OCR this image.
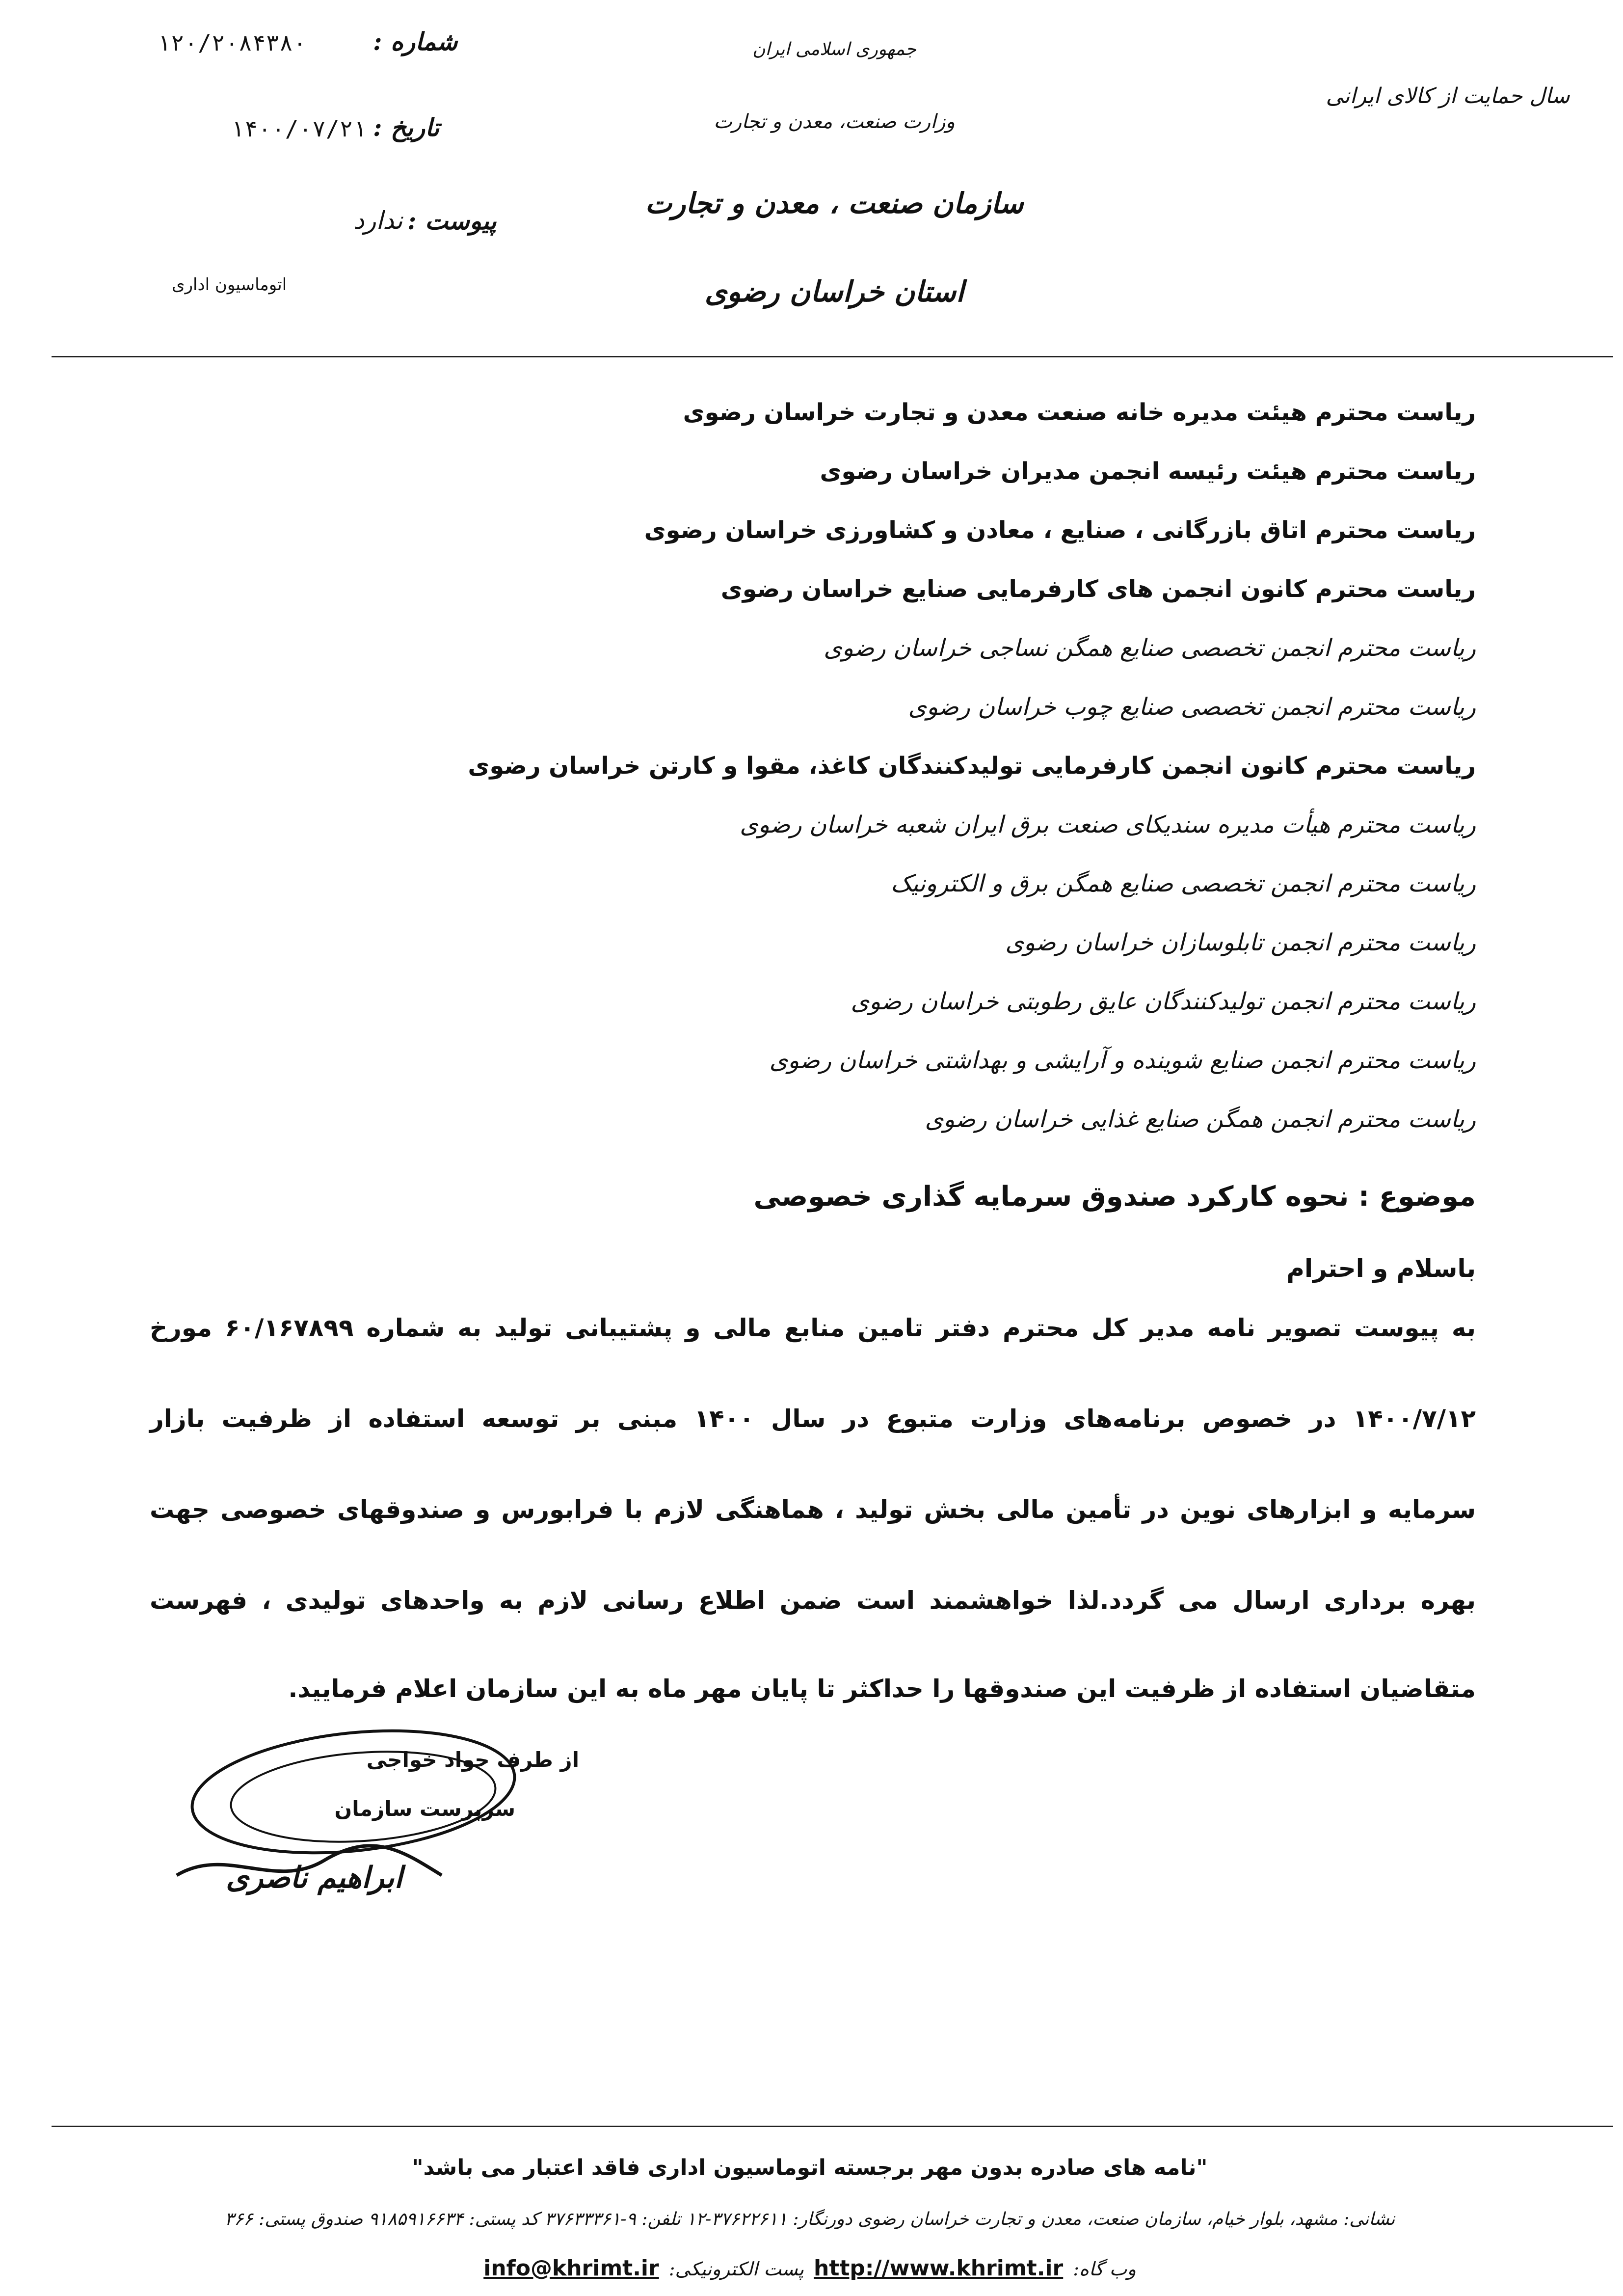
شماره :
۱۲۰/۲۰۸۴۳۸۰
تاریخ :
۱۴۰۰/۰۷/۲۱
پیوست :
ندارد
اتوماسیون اداری
جمهوری اسلامی ایران
وزارت صنعت، معدن و تجارت
سازمان صنعت ، معدن و تجارت
استان خراسان رضوی
سال حمایت از کالای ایرانی
ریاست محترم هیئت مدیره خانه صنعت معدن و تجارت خراسان رضوی
ریاست محترم هیئت رئیسه انجمن مدیران خراسان رضوی
ریاست محترم اتاق بازرگانی ، صنایع ، معادن و کشاورزی خراسان رضوی
ریاست محترم کانون انجمن های کارفرمایی صنایع خراسان رضوی
ریاست محترم انجمن تخصصی صنایع همگن نساجی خراسان رضوی
ریاست محترم انجمن تخصصی صنایع چوب خراسان رضوی
ریاست محترم کانون انجمن کارفرمایی تولیدکنندگان کاغذ، مقوا و کارتن خراسان رضوی
ریاست محترم هیأت مدیره سندیکای صنعت برق ایران شعبه خراسان رضوی
ریاست محترم انجمن تخصصی صنایع همگن برق و الکترونیک
ریاست محترم انجمن تابلوسازان خراسان رضوی
ریاست محترم انجمن تولیدکنندگان عایق رطوبتی خراسان رضوی
ریاست محترم انجمن صنایع شوینده و آرایشی و بهداشتی خراسان رضوی
ریاست محترم انجمن همگن صنایع غذایی خراسان رضوی
موضوع : نحوه کارکرد صندوق سرمایه گذاری خصوصی
باسلام و احترام
به پیوست تصویر نامه مدیر کل محترم دفتر تامین منابع مالی و پشتیبانی تولید به شماره ۶۰/۱۶۷۸۹۹ مورخ
۱۴۰۰/۷/۱۲ در خصوص برنامه‌های وزارت متبوع در سال ۱۴۰۰ مبنی بر توسعه استفاده از ظرفیت بازار
سرمایه و ابزارهای نوین در تأمین مالی بخش تولید ، هماهنگی لازم با فرابورس و صندوقهای خصوصی جهت
بهره برداری ارسال می گردد.لذا خواهشمند است ضمن اطلاع رسانی لازم به واحدهای تولیدی ، فهرست
متقاضیان استفاده از ظرفیت این صندوقها را حداکثر تا پایان مهر ماه به این سازمان اعلام فرمایید.
از طرف جواد خواجی
سرپرست سازمان
ابراهیم ناصری
"نامه های صادره بدون مهر برجسته اتوماسیون اداری فاقد اعتبار می باشد"
نشانی: مشهد، بلوار خیام، سازمان صنعت، معدن و تجارت خراسان رضوی دورنگار: ۳۷۶۲۲۶۱۱-۱۲ تلفن: ۹-۳۷۶۳۳۳۶۱ کد پستی: ۹۱۸۵۹۱۶۶۳۴ صندوق پستی: ۳۶۶
وب گاه:
http://www.khrimt.ir
پست الکترونیکی:
info@khrimt.ir
